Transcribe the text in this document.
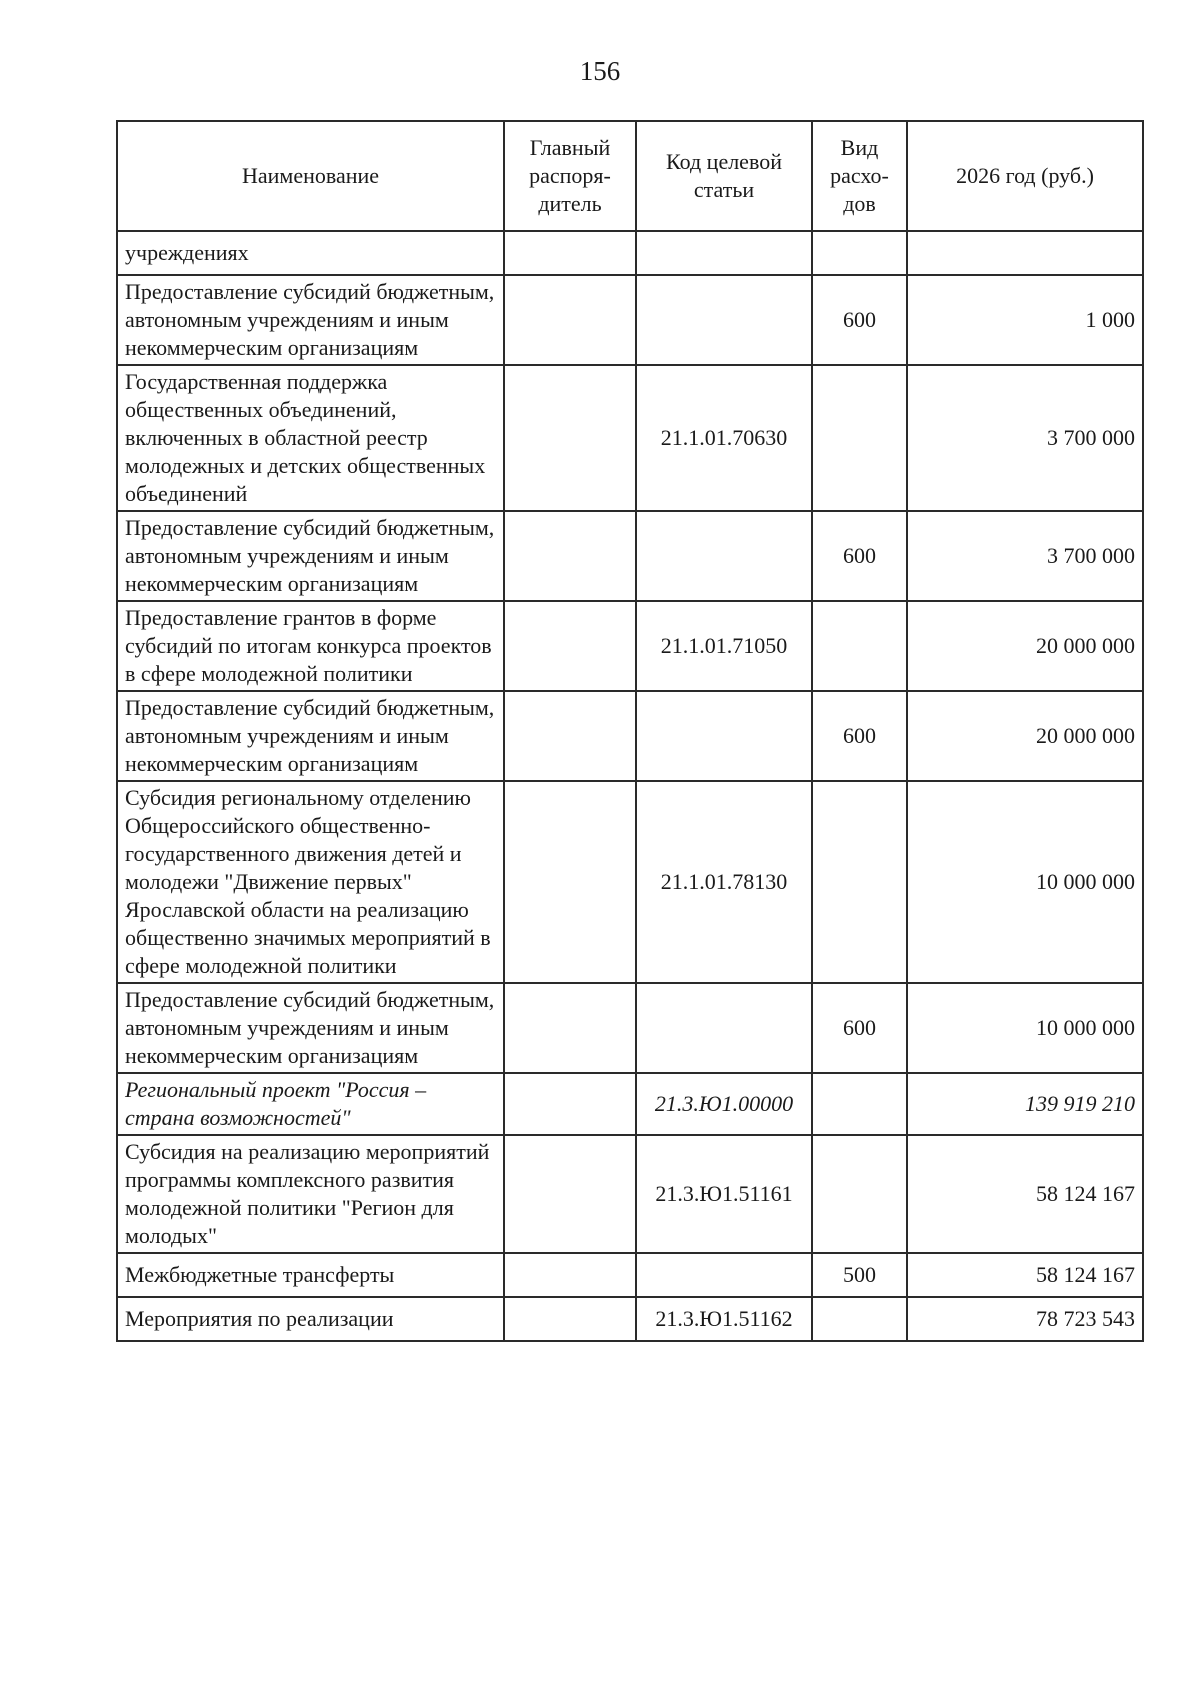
156
Наименование	Главный распоря-дитель	Код целевой статьи	Вид расхо-дов	2026 год (руб.)
учреждениях				
Предоставление субсидий бюджетным, автономным учреждениям и иным некоммерческим организациям			600	1 000
Государственная поддержка общественных объединений, включенных в областной реестр молодежных и детских общественных объединений		21.1.01.70630		3 700 000
Предоставление субсидий бюджетным, автономным учреждениям и иным некоммерческим организациям			600	3 700 000
Предоставление грантов в форме субсидий по итогам конкурса проектов в сфере молодежной политики		21.1.01.71050		20 000 000
Предоставление субсидий бюджетным, автономным учреждениям и иным некоммерческим организациям			600	20 000 000
Субсидия региональному отделению Общероссийского общественно-государственного движения детей и молодежи "Движение первых" Ярославской области на реализацию общественно значимых мероприятий в сфере молодежной политики		21.1.01.78130		10 000 000
Предоставление субсидий бюджетным, автономным учреждениям и иным некоммерческим организациям			600	10 000 000
Региональный проект "Россия – страна возможностей"		21.3.Ю1.00000		139 919 210
Субсидия на реализацию мероприятий программы комплексного развития молодежной политики "Регион для молодых"		21.3.Ю1.51161		58 124 167
Межбюджетные трансферты			500	58 124 167
Мероприятия по реализации		21.3.Ю1.51162		78 723 543
